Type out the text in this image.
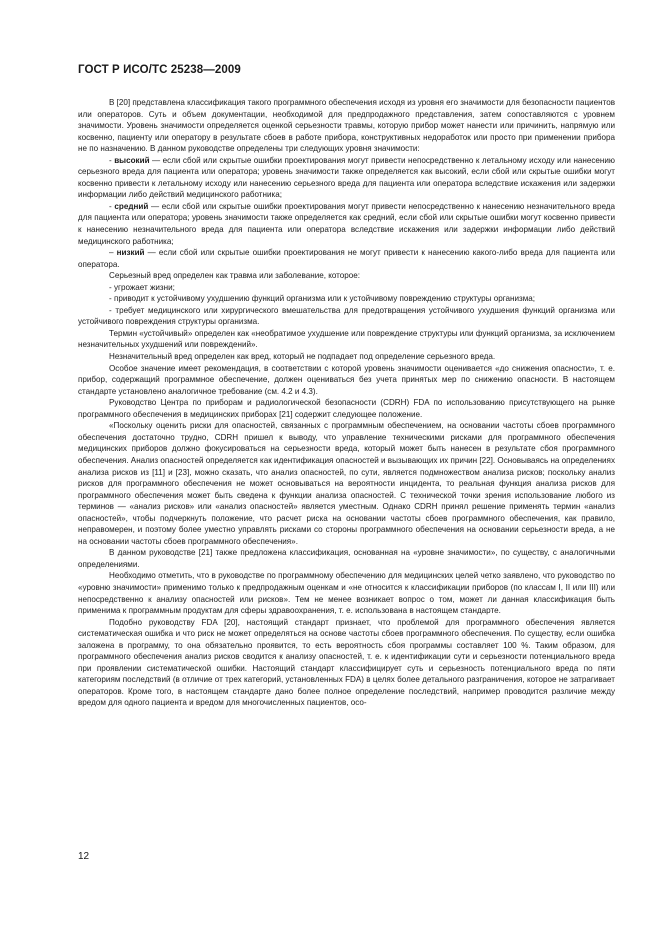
ГОСТ Р ИСО/ТС 25238—2009

В [20] представлена классификация такого программного обеспечения исходя из уровня его значимости для безопасности пациентов или операторов. Суть и объем документации, необходимой для предпродажного представления, затем сопоставляются с уровнем значимости. Уровень значимости определяется оценкой серьезности травмы, которую прибор может нанести или причинить, напрямую или косвенно, пациенту или оператору в результате сбоев в работе прибора, конструктивных недоработок или просто при применении прибора не по назначению. В данном руководстве определены три следующих уровня значимости:

- высокий — если сбой или скрытые ошибки проектирования могут привести непосредственно к летальному исходу или нанесению серьезного вреда для пациента или оператора; уровень значимости также определяется как высокий, если сбой или скрытые ошибки могут косвенно привести к летальному исходу или нанесению серьезного вреда для пациента или оператора вследствие искажения или задержки информации либо действий медицинского работника;

- средний — если сбой или скрытые ошибки проектирования могут привести непосредственно к нанесению незначительного вреда для пациента или оператора; уровень значимости также определяется как средний, если сбой или скрытые ошибки могут косвенно привести к нанесению незначительного вреда для пациента или оператора вследствие искажения или задержки информации либо действий медицинского работника;

– низкий — если сбой или скрытые ошибки проектирования не могут привести к нанесению какого-либо вреда для пациента или оператора.

Серьезный вред определен как травма или заболевание, которое:

- угрожает жизни;

- приводит к устойчивому ухудшению функций организма или к устойчивому повреждению структуры организма;

- требует медицинского или хирургического вмешательства для предотвращения устойчивого ухудшения функций организма или устойчивого повреждения структуры организма.

Термин «устойчивый» определен как «необратимое ухудшение или повреждение структуры или функций организма, за исключением незначительных ухудшений или повреждений».

Незначительный вред определен как вред, который не подпадает под определение серьезного вреда.

Особое значение имеет рекомендация, в соответствии с которой уровень значимости оценивается «до снижения опасности», т. е. прибор, содержащий программное обеспечение, должен оцениваться без учета принятых мер по снижению опасности. В настоящем стандарте установлено аналогичное требование (см. 4.2 и 4.3).

Руководство Центра по приборам и радиологической безопасности (CDRH) FDA по использованию присутствующего на рынке программного обеспечения в медицинских приборах [21] содержит следующее положение.

«Поскольку оценить риски для опасностей, связанных с программным обеспечением, на основании частоты сбоев программного обеспечения достаточно трудно, CDRH пришел к выводу, что управление техническими рисками для программного обеспечения медицинских приборов должно фокусироваться на серьезности вреда, который может быть нанесен в результате сбоя программного обеспечения. Анализ опасностей определяется как идентификация опасностей и вызывающих их причин [22]. Основываясь на определениях анализа рисков из [11] и [23], можно сказать, что анализ опасностей, по сути, является подмножеством анализа рисков; поскольку анализ рисков для программного обеспечения не может основываться на вероятности инцидента, то реальная функция анализа рисков для программного обеспечения может быть сведена к функции анализа опасностей. С технической точки зрения использование любого из терминов — «анализ рисков» или «анализ опасностей» является уместным. Однако CDRH принял решение применять термин «анализ опасностей», чтобы подчеркнуть положение, что расчет риска на основании частоты сбоев программного обеспечения, как правило, неправомерен, и поэтому более уместно управлять рисками со стороны программного обеспечения на основании серьезности вреда, а не на основании частоты сбоев программного обеспечения».

В данном руководстве [21] также предложена классификация, основанная на «уровне значимости», по существу, с аналогичными определениями.

Необходимо отметить, что в руководстве по программному обеспечению для медицинских целей четко заявлено, что руководство по «уровню значимости» применимо только к предпродажным оценкам и «не относится к классификации приборов (по классам I, II или III) или непосредственно к анализу опасностей или рисков». Тем не менее возникает вопрос о том, может ли данная классификация быть применима к программным продуктам для сферы здравоохранения, т. е. использована в настоящем стандарте.

Подобно руководству FDA [20], настоящий стандарт признает, что проблемой для программного обеспечения является систематическая ошибка и что риск не может определяться на основе частоты сбоев программного обеспечения. По существу, если ошибка заложена в программу, то она обязательно проявится, то есть вероятность сбоя программы составляет 100 %. Таким образом, для программного обеспечения анализ рисков сводится к анализу опасностей, т. е. к идентификации сути и серьезности потенциального вреда при проявлении систематической ошибки. Настоящий стандарт классифицирует суть и серьезность потенциального вреда по пяти категориям последствий (в отличие от трех категорий, установленных FDA) в целях более детального разграничения, которое не затрагивает операторов. Кроме того, в настоящем стандарте дано более полное определение последствий, например проводится различие между вредом для одного пациента и вредом для многочисленных пациентов, осо-

12
